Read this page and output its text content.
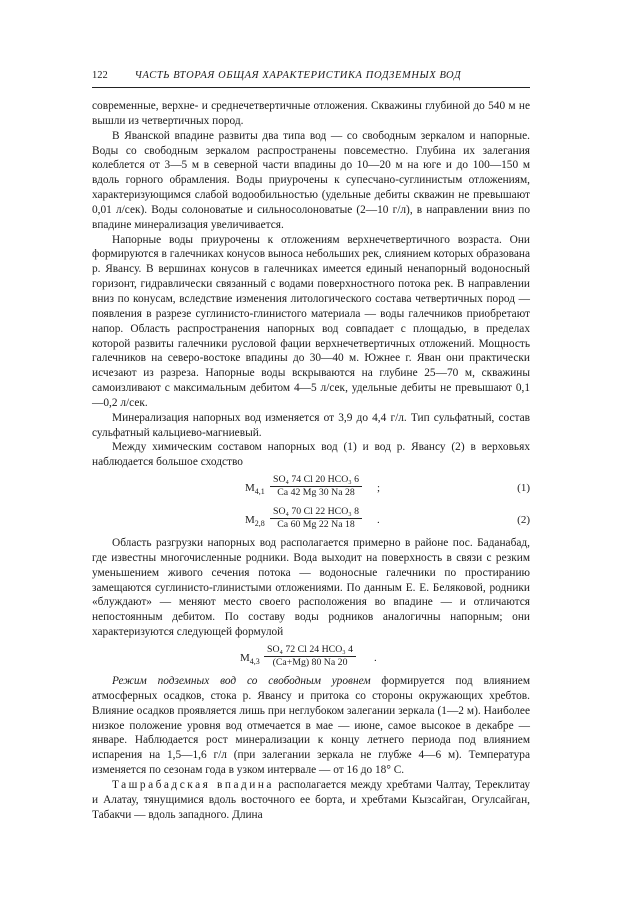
122	ЧАСТЬ ВТОРАЯ ОБЩАЯ ХАРАКТЕРИСТИКА ПОДЗЕМНЫХ ВОД

современные, верхне- и среднечетвертичные отложения. Скважины глубиной до 540 м не вышли из четвертичных пород.

В Яванской впадине развиты два типа вод — со свободным зеркалом и напорные. Воды со свободным зеркалом распространены повсеместно. Глубина их залегания колеблется от 3—5 м в северной части впадины до 10—20 м на юге и до 100—150 м вдоль горного обрамления. Воды приурочены к супесчано-суглинистым отложениям, характеризующимся слабой водообильностью (удельные дебиты скважин не превышают 0,01 л/сек). Воды солоноватые и сильносолоноватые (2—10 г/л), в направлении вниз по впадине минерализация увеличивается.

Напорные воды приурочены к отложениям верхнечетвертичного возраста. Они формируются в галечниках конусов выноса небольших рек, слиянием которых образована р. Явансу. В вершинах конусов в галечниках имеется единый ненапорный водоносный горизонт, гидравлически связанный с водами поверхностного потока рек. В направлении вниз по конусам, вследствие изменения литологического состава четвертичных пород — появления в разрезе суглинисто-глинистого материала — воды галечников приобретают напор. Область распространения напорных вод совпадает с площадью, в пределах которой развиты галечники русловой фации верхнечетвертичных отложений. Мощность галечников на северо-востоке впадины до 30—40 м. Южнее г. Яван они практически исчезают из разреза. Напорные воды вскрываются на глубине 25—70 м, скважины самоизливают с максимальным дебитом 4—5 л/сек, удельные дебиты не превышают 0,1—0,2 л/сек.

Минерализация напорных вод изменяется от 3,9 до 4,4 г/л. Тип сульфатный, состав сульфатный кальциево-магниевый.

Между химическим составом напорных вод (1) и вод р. Явансу (2) в верховьях наблюдается большое сходство

$M_{4,1}$
SO₄ 74 Cl 20 HCO₃ 6
Ca 42 Mg 30 Na 28	;	(1)
$M_{2,8}$
SO₄ 70 Cl 22 HCO₃ 8
Ca 60 Mg 22 Na 18	.	(2)

Область разгрузки напорных вод располагается примерно в районе пос. Баданабад, где известны многочисленные родники. Вода выходит на поверхность в связи с резким уменьшением живого сечения потока — водоносные галечники по простиранию замещаются суглинисто-глинистыми отложениями. По данным Е. Е. Беляковой, родники «блуждают» — меняют место своего расположения во впадине — и отличаются непостоянным дебитом. По составу воды родников аналогичны напорным; они характеризуются следующей формулой

$M_{4,3}$
SO₄ 72 Cl 24 HCO₃ 4
(Ca+Mg) 80 Na 20	.

Режим подземных вод со свободным уровнем формируется под влиянием атмосферных осадков, стока р. Явансу и притока со стороны окружающих хребтов. Влияние осадков проявляется лишь при неглубоком залегании зеркала (1—2 м). Наиболее низкое положение уровня вод отмечается в мае — июне, самое высокое в декабре — январе. Наблюдается рост минерализации к концу летнего периода под влиянием испарения на 1,5—1,6 г/л (при залегании зеркала не глубже 4—6 м). Температура изменяется по сезонам года в узком интервале — от 16 до 18° С.

Ташрабадская впадина располагается между хребтами Чалтау, Тереклитау и Алатау, тянущимися вдоль восточного ее борта, и хребтами Кызсайган, Огулсайган, Табакчи — вдоль западного. Длина
